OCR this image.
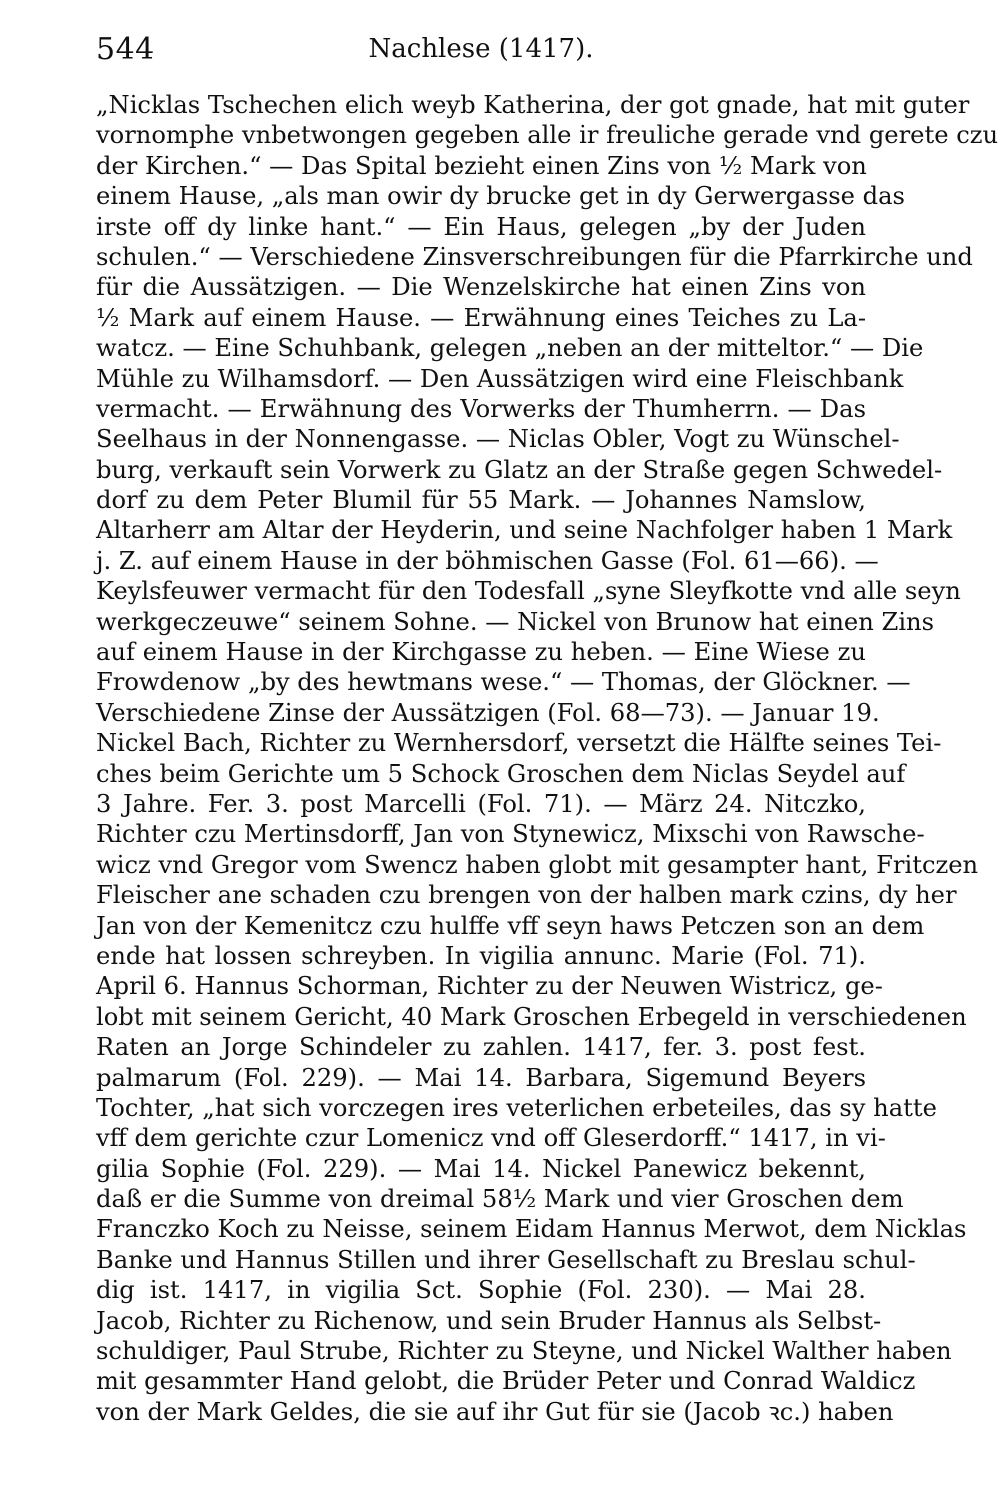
544	Nachlese (1417).
„Nicklas Tschechen elich weyb Katherina, der got gnade, hat mit guter
vornomphe vnbetwongen gegeben alle ir freuliche gerade vnd gerete czu
der Kirchen.“ — Das Spital bezieht einen Zins von ½ Mark von
einem Hause, „als man owir dy brucke get in dy Gerwergasse das
irste off dy linke hant.“ — Ein Haus, gelegen „by der Juden
schulen.“ — Verschiedene Zinsverschreibungen für die Pfarrkirche und
für die Aussätzigen. — Die Wenzelskirche hat einen Zins von
½ Mark auf einem Hause. — Erwähnung eines Teiches zu La-
watcz. — Eine Schuhbank, gelegen „neben an der mitteltor.“ — Die
Mühle zu Wilhamsdorf. — Den Aussätzigen wird eine Fleischbank
vermacht. — Erwähnung des Vorwerks der Thumherrn. — Das
Seelhaus in der Nonnengasse. — Niclas Obler, Vogt zu Wünschel-
burg, verkauft sein Vorwerk zu Glatz an der Straße gegen Schwedel-
dorf zu dem Peter Blumil für 55 Mark. — Johannes Namslow,
Altarherr am Altar der Heyderin, und seine Nachfolger haben 1 Mark
j. Z. auf einem Hause in der böhmischen Gasse (Fol. 61—66). —
Keylsfeuwer vermacht für den Todesfall „syne Sleyfkotte vnd alle seyn
werkgeczeuwe“ seinem Sohne. — Nickel von Brunow hat einen Zins
auf einem Hause in der Kirchgasse zu heben. — Eine Wiese zu
Frowdenow „by des hewtmans wese.“ — Thomas, der Glöckner. —
Verschiedene Zinse der Aussätzigen (Fol. 68—73). — Januar 19.
Nickel Bach, Richter zu Wernhersdorf, versetzt die Hälfte seines Tei-
ches beim Gerichte um 5 Schock Groschen dem Niclas Seydel auf
3 Jahre. Fer. 3. post Marcelli (Fol. 71). — März 24. Nitczko,
Richter czu Mertinsdorff, Jan von Stynewicz, Mixschi von Rawsche-
wicz vnd Gregor vom Swencz haben globt mit gesampter hant, Fritczen
Fleischer ane schaden czu brengen von der halben mark czins, dy her
Jan von der Kemenitcz czu hulffe vff seyn haws Petczen son an dem
ende hat lossen schreyben. In vigilia annunc. Marie (Fol. 71).
April 6. Hannus Schorman, Richter zu der Neuwen Wistricz, ge-
lobt mit seinem Gericht, 40 Mark Groschen Erbegeld in verschiedenen
Raten an Jorge Schindeler zu zahlen. 1417, fer. 3. post fest.
palmarum (Fol. 229). — Mai 14. Barbara, Sigemund Beyers
Tochter, „hat sich vorczegen ires veterlichen erbeteiles, das sy hatte
vff dem gerichte czur Lomenicz vnd off Gleserdorff.“ 1417, in vi-
gilia Sophie (Fol. 229). — Mai 14. Nickel Panewicz bekennt,
daß er die Summe von dreimal 58½ Mark und vier Groschen dem
Franczko Koch zu Neisse, seinem Eidam Hannus Merwot, dem Nicklas
Banke und Hannus Stillen und ihrer Gesellschaft zu Breslau schul-
dig ist. 1417, in vigilia Sct. Sophie (Fol. 230). — Mai 28.
Jacob, Richter zu Richenow, und sein Bruder Hannus als Selbst-
schuldiger, Paul Strube, Richter zu Steyne, und Nickel Walther haben
mit gesammter Hand gelobt, die Brüder Peter und Conrad Waldicz
von der Mark Geldes, die sie auf ihr Gut für sie (Jacob ꝛc.) haben
